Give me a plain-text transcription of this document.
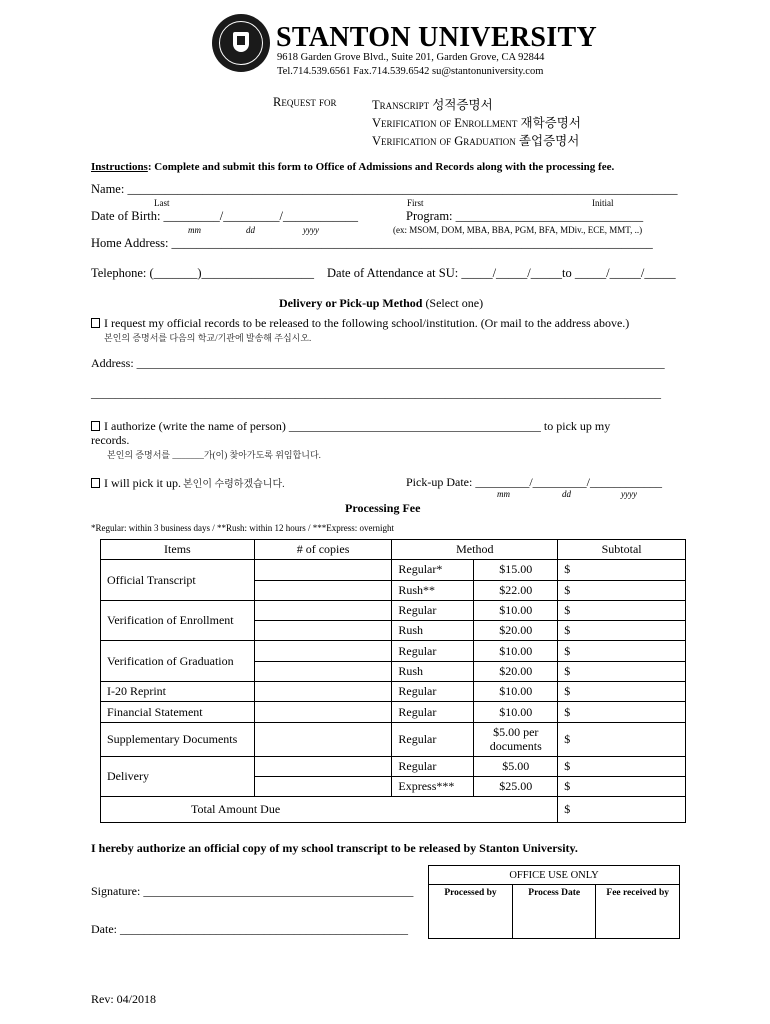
STANTON UNIVERSITY
9618 Garden Grove Blvd., Suite 201, Garden Grove, CA 92844
Tel.714.539.6561 Fax.714.539.6542 su@stantonuniversity.com
Request for	Transcript 성적증명서
Verification of Enrollment 재학증명서
Verification of Graduation 졸업증명서
Instructions: Complete and submit this form to Office of Admissions and Records along with the processing fee.
Name: ________________________________________________________________________________________
Last	First	Initial
Date of Birth: _________/_________/____________
mm	dd	yyyy
Program: ______________________________
(ex: MSOM, DOM, MBA, BBA, PGM, BFA, MDiv., ECE, MMT, ..)
Home Address: _____________________________________________________________________________
Telephone: (_______)__________________ Date of Attendance at SU: _____/_____/_____to _____/_____/_____
Delivery or Pick-up Method (Select one)
I request my official records to be released to the following school/institution. (Or mail to the address above.)
본인의 증명서를 다음의 학교/기관에 발송해 주십시오.
Address: ________________________________________________________________________________________
_______________________________________________________________________________________________
I authorize (write the name of person) __________________________________________ to pick up my
records.
본인의 증명서를 _______가(이) 찾아가도록 위임합니다.
I will pick it up. 본인이 수령하겠습니다.	Pick-up Date: _________/_________/____________
mm	dd	yyyy
Processing Fee
*Regular: within 3 business days / **Rush: within 12 hours / ***Express: overnight
Items	# of copies	Method		Subtotal
Official Transcript		Regular*	$15.00	$
		Rush**	$22.00	$
Verification of Enrollment		Regular	$10.00	$
		Rush	$20.00	$
Verification of Graduation		Regular	$10.00	$
		Rush	$20.00	$
I-20 Reprint		Regular	$10.00	$
Financial Statement		Regular	$10.00	$
Supplementary Documents		Regular	$5.00 per documents	$
Delivery		Regular	$5.00	$
		Express***	$25.00	$
Total Amount Due				$
I hereby authorize an official copy of my school transcript to be released by Stanton University.
Signature: _____________________________________________
Date: ________________________________________________
OFFICE USE ONLY
Processed by	Process Date	Fee received by
Rev: 04/2018
